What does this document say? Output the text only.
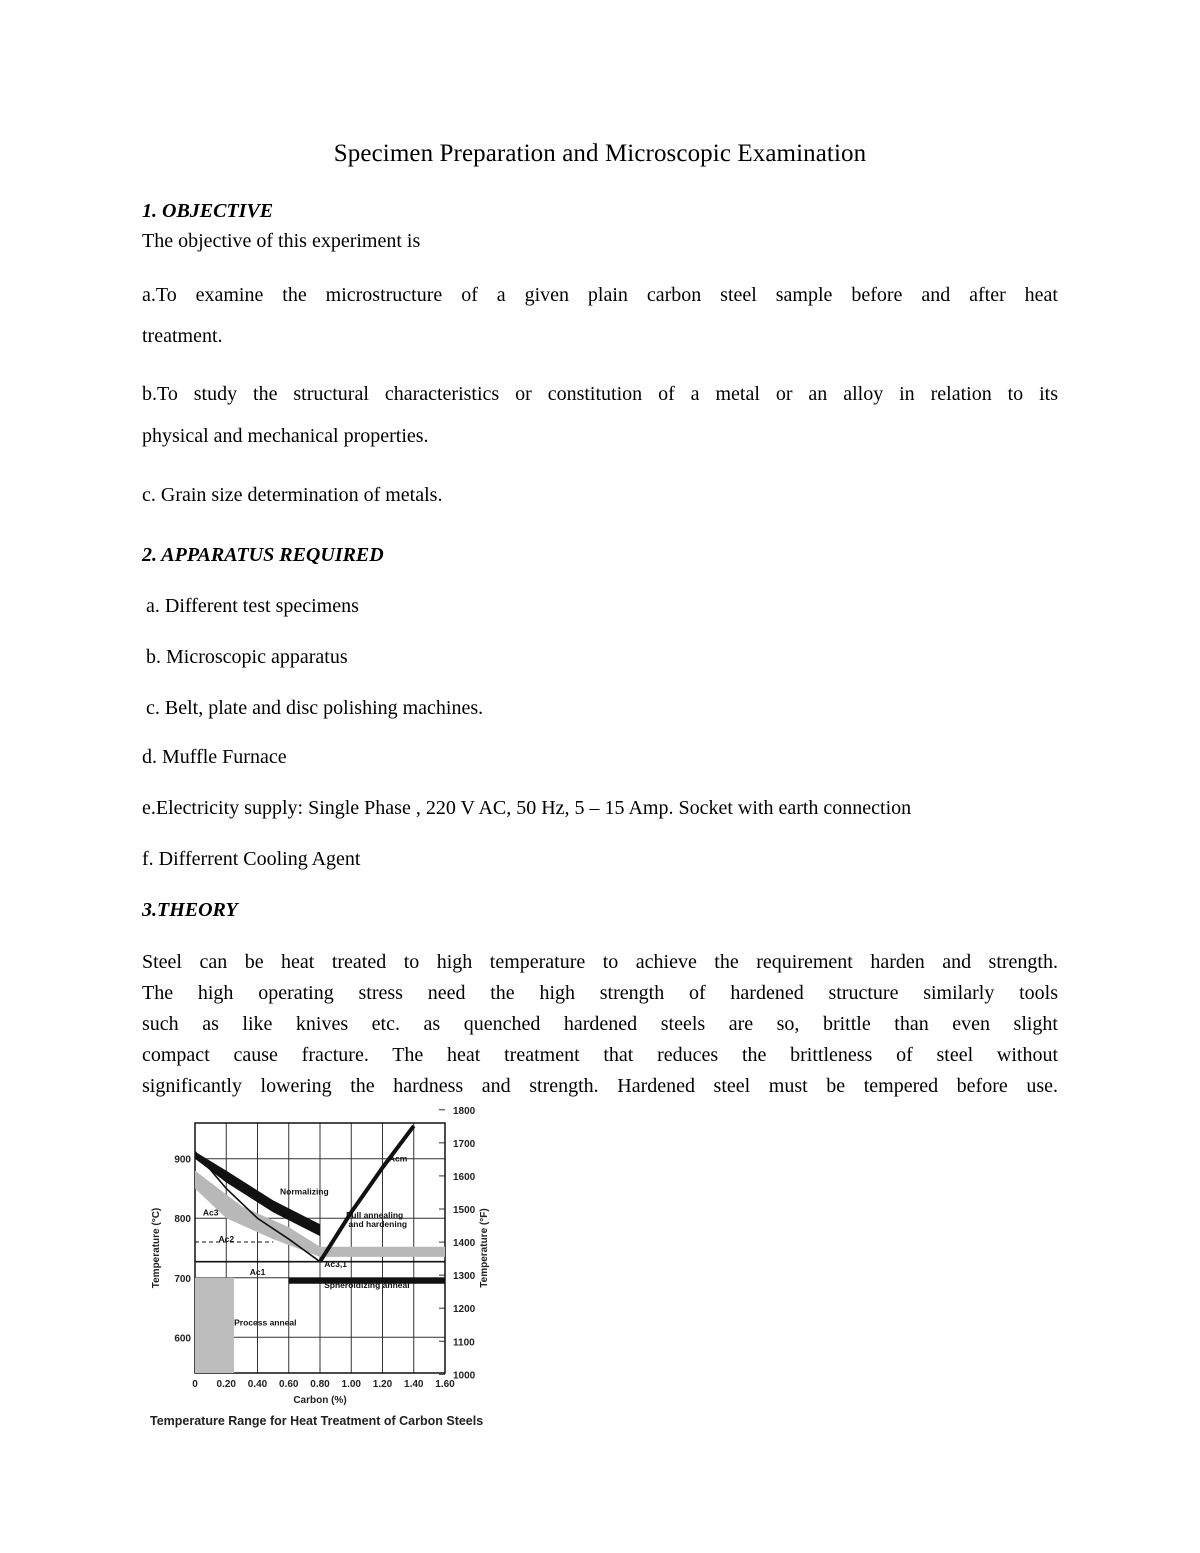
Specimen Preparation and Microscopic Examination
1. OBJECTIVE
The objective of this experiment is
a.To examine the microstructure of a given plain carbon steel sample before and after heat
treatment.
b.To study the structural characteristics or constitution of a metal or an alloy in relation to its
physical and mechanical properties.
c. Grain size determination of metals.
2. APPARATUS REQUIRED
a. Different test specimens
b. Microscopic apparatus
c. Belt, plate and disc polishing machines.
d. Muffle Furnace
e.Electricity supply: Single Phase , 220 V AC, 50 Hz, 5 – 15 Amp. Socket with earth connection
f. Differrent Cooling Agent
3.THEORY
Steel can be heat treated to high temperature to achieve the requirement harden and strength.
The high operating stress need the high strength of hardened structure similarly tools
such as like knives etc. as quenched hardened steels are so, brittle than even slight
compact cause fracture. The heat treatment that reduces the brittleness of steel without
significantly lowering the hardness and strength. Hardened steel must be tempered before use.
0 0.20 0.40 0.60 0.80 1.00 1.20 1.40 1.60
600
700
800
900
1000
1100
1200
1300
1400
1500
1600
1700
1800
Ac3
Ac2
Ac1
Acm
Ac3,1
Normalizing
Full annealing
and hardening
Spheroidizing anneal
Process anneal
Carbon (%)
Temperature (°C)	Temperature (°F)
Temperature Range for Heat Treatment of Carbon Steels
